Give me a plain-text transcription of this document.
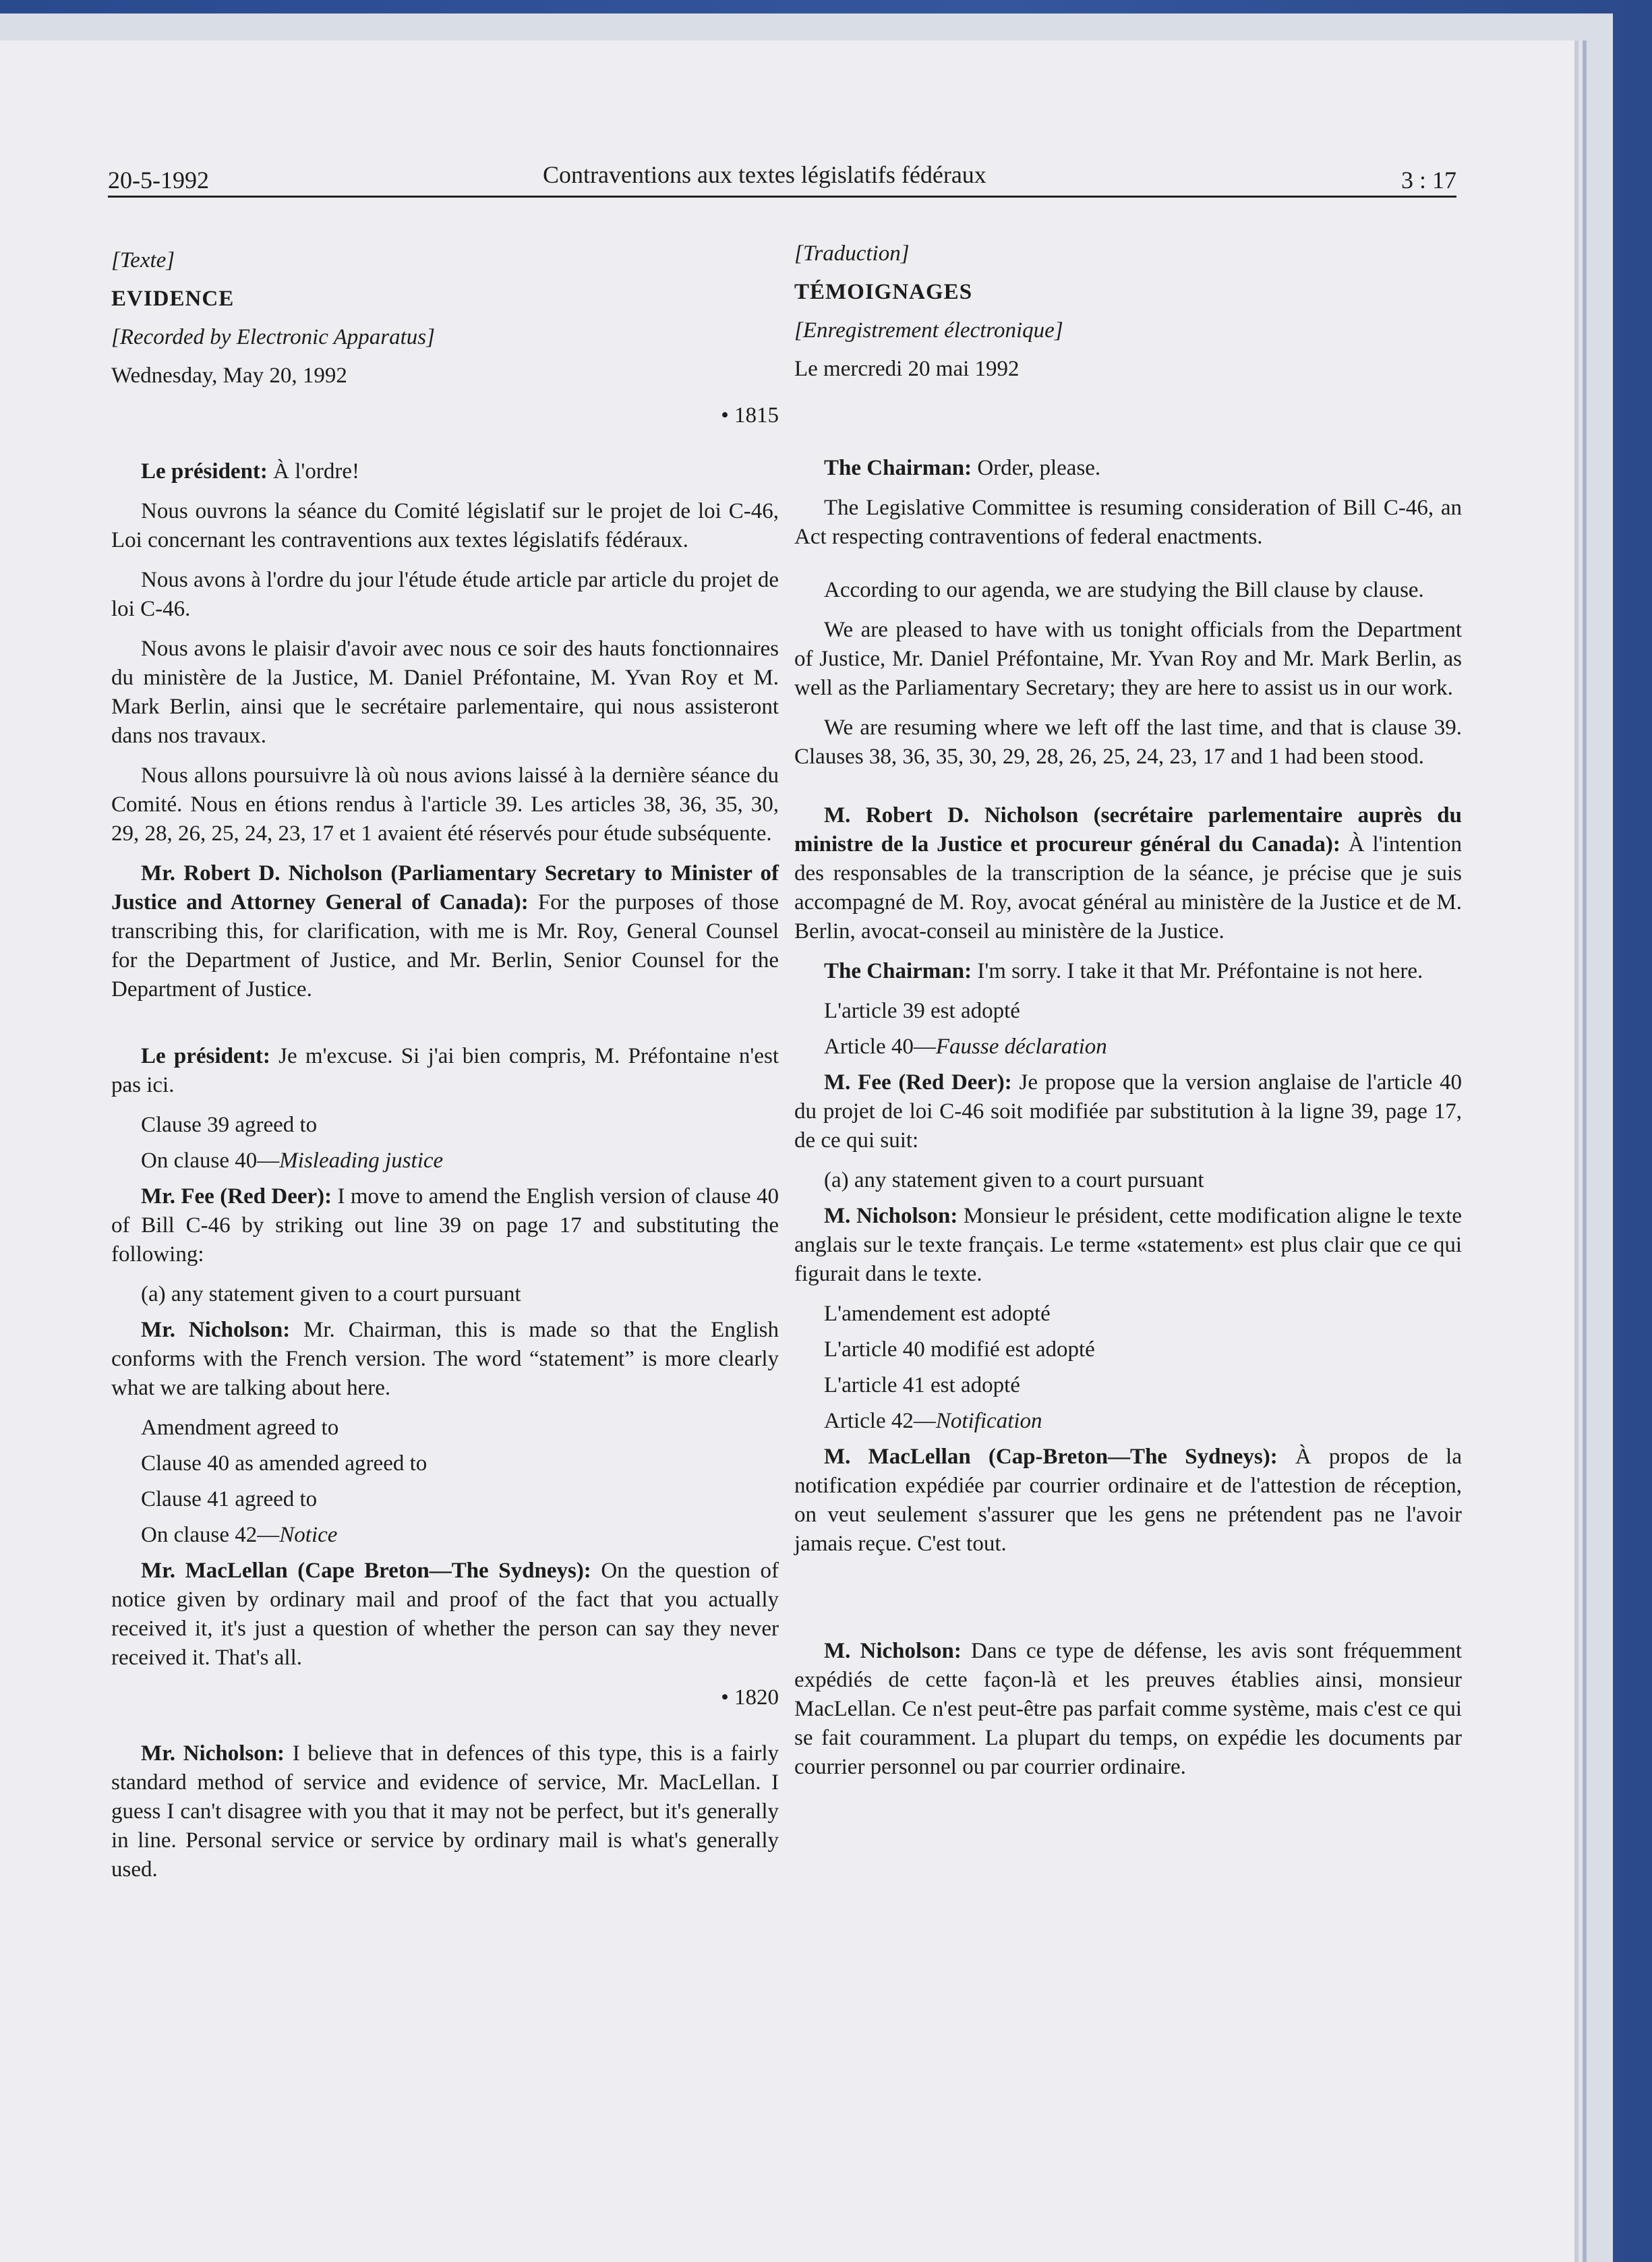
20-5-1992	Contraventions aux textes législatifs fédéraux	3 : 17

[Texte]

EVIDENCE

[Recorded by Electronic Apparatus]

Wednesday, May 20, 1992

• 1815

Le président: À l'ordre!

Nous ouvrons la séance du Comité législatif sur le projet de loi C-46, Loi concernant les contraventions aux textes législatifs fédéraux.

Nous avons à l'ordre du jour l'étude étude article par article du projet de loi C-46.

Nous avons le plaisir d'avoir avec nous ce soir des hauts fonctionnaires du ministère de la Justice, M. Daniel Préfontaine, M. Yvan Roy et M. Mark Berlin, ainsi que le secrétaire parlementaire, qui nous assisteront dans nos travaux.

Nous allons poursuivre là où nous avions laissé à la dernière séance du Comité. Nous en étions rendus à l'article 39. Les articles 38, 36, 35, 30, 29, 28, 26, 25, 24, 23, 17 et 1 avaient été réservés pour étude subséquente.

Mr. Robert D. Nicholson (Parliamentary Secretary to Minister of Justice and Attorney General of Canada): For the purposes of those transcribing this, for clarification, with me is Mr. Roy, General Counsel for the Department of Justice, and Mr. Berlin, Senior Counsel for the Department of Justice.

Le président: Je m'excuse. Si j'ai bien compris, M. Préfontaine n'est pas ici.

Clause 39 agreed to

On clause 40—Misleading justice

Mr. Fee (Red Deer): I move to amend the English version of clause 40 of Bill C-46 by striking out line 39 on page 17 and substituting the following:

(a) any statement given to a court pursuant

Mr. Nicholson: Mr. Chairman, this is made so that the English conforms with the French version. The word “statement” is more clearly what we are talking about here.

Amendment agreed to

Clause 40 as amended agreed to

Clause 41 agreed to

On clause 42—Notice

Mr. MacLellan (Cape Breton—The Sydneys): On the question of notice given by ordinary mail and proof of the fact that you actually received it, it's just a question of whether the person can say they never received it. That's all.

• 1820

Mr. Nicholson: I believe that in defences of this type, this is a fairly standard method of service and evidence of service, Mr. MacLellan. I guess I can't disagree with you that it may not be perfect, but it's generally in line. Personal service or service by ordinary mail is what's generally used.

[Traduction]

TÉMOIGNAGES

[Enregistrement électronique]

Le mercredi 20 mai 1992

The Chairman: Order, please.

The Legislative Committee is resuming consideration of Bill C-46, an Act respecting contraventions of federal enactments.

According to our agenda, we are studying the Bill clause by clause.

We are pleased to have with us tonight officials from the Department of Justice, Mr. Daniel Préfontaine, Mr. Yvan Roy and Mr. Mark Berlin, as well as the Parliamentary Secretary; they are here to assist us in our work.

We are resuming where we left off the last time, and that is clause 39. Clauses 38, 36, 35, 30, 29, 28, 26, 25, 24, 23, 17 and 1 had been stood.

M. Robert D. Nicholson (secrétaire parlementaire auprès du ministre de la Justice et procureur général du Canada): À l'intention des responsables de la transcription de la séance, je précise que je suis accompagné de M. Roy, avocat général au ministère de la Justice et de M. Berlin, avocat-conseil au ministère de la Justice.

The Chairman: I'm sorry. I take it that Mr. Préfontaine is not here.

L'article 39 est adopté

Article 40—Fausse déclaration

M. Fee (Red Deer): Je propose que la version anglaise de l'article 40 du projet de loi C-46 soit modifiée par substitution à la ligne 39, page 17, de ce qui suit:

(a) any statement given to a court pursuant

M. Nicholson: Monsieur le président, cette modification aligne le texte anglais sur le texte français. Le terme «statement» est plus clair que ce qui figurait dans le texte.

L'amendement est adopté

L'article 40 modifié est adopté

L'article 41 est adopté

Article 42—Notification

M. MacLellan (Cap-Breton—The Sydneys): À propos de la notification expédiée par courrier ordinaire et de l'attestion de réception, on veut seulement s'assurer que les gens ne prétendent pas ne l'avoir jamais reçue. C'est tout.

M. Nicholson: Dans ce type de défense, les avis sont fréquemment expédiés de cette façon-là et les preuves établies ainsi, monsieur MacLellan. Ce n'est peut-être pas parfait comme système, mais c'est ce qui se fait couramment. La plupart du temps, on expédie les documents par courrier personnel ou par courrier ordinaire.
